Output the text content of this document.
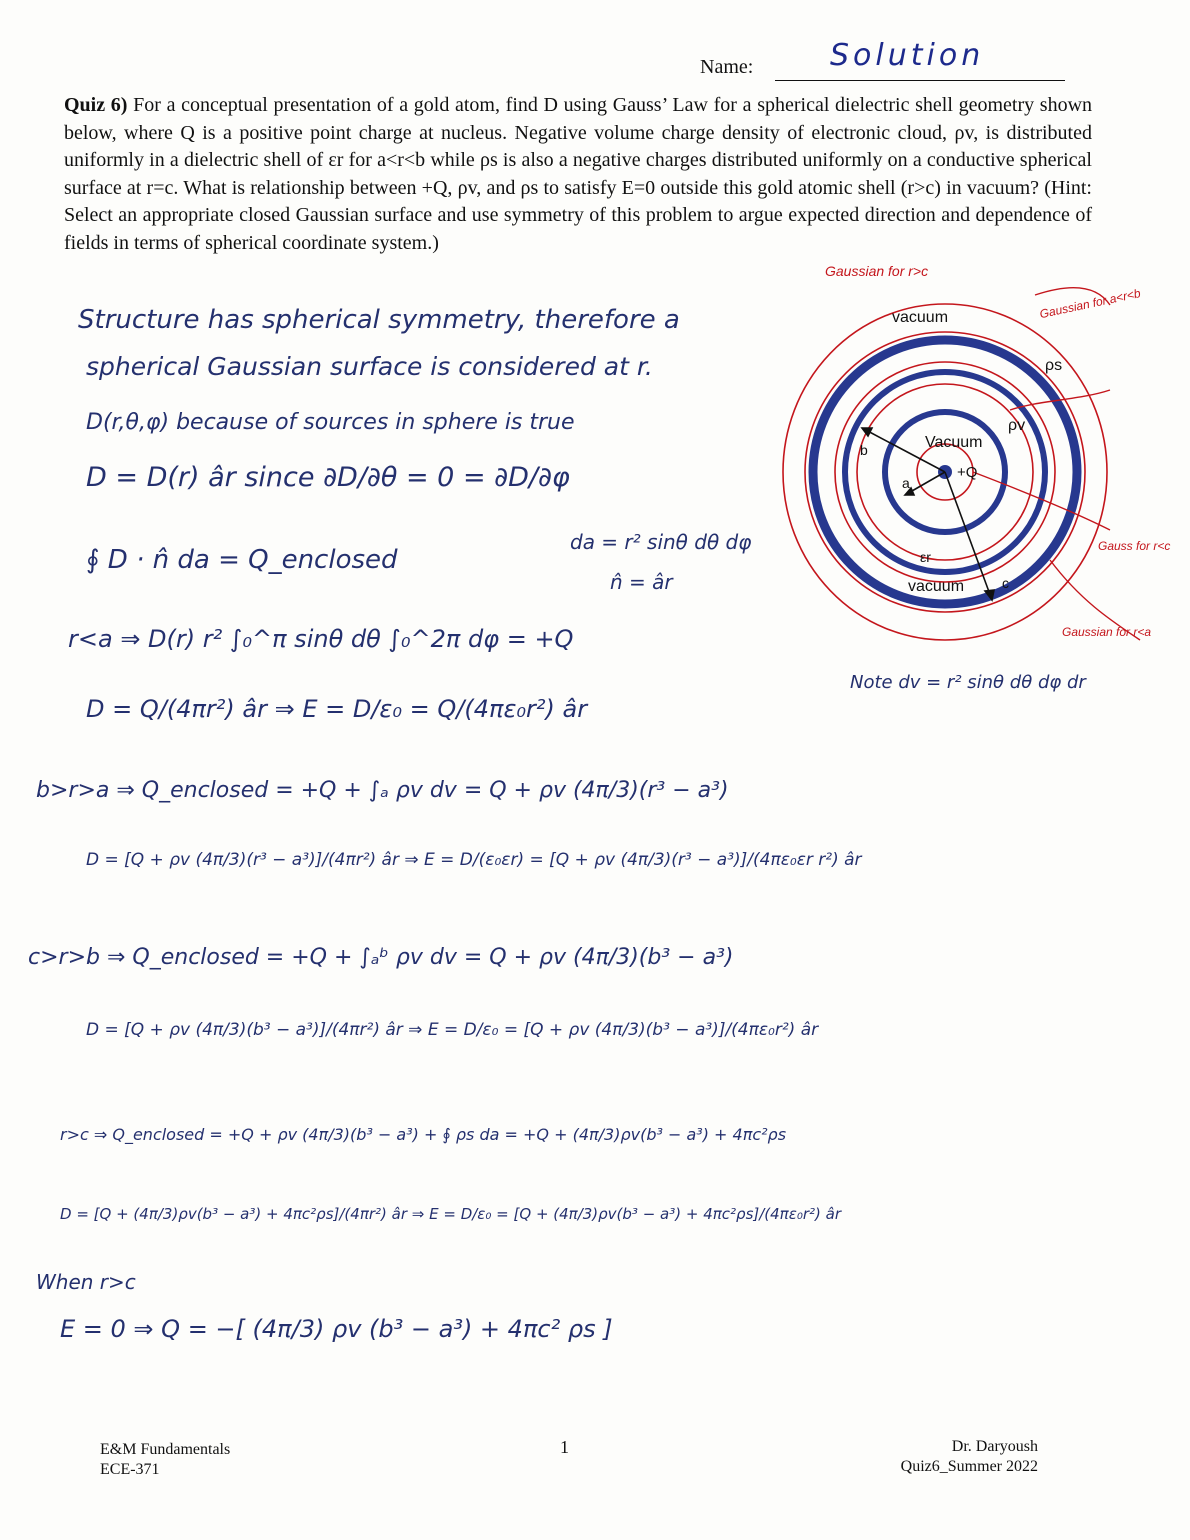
Name:	Solution
Quiz 6) For a conceptual presentation of a gold atom, find D using Gauss’ Law for a spherical dielectric shell geometry shown below, where Q is a positive point charge at nucleus. Negative volume charge density of electronic cloud, ρv, is distributed uniformly in a dielectric shell of εr for a<r<b while ρs is also a negative charges distributed uniformly on a conductive spherical surface at r=c. What is relationship between +Q, ρv, and ρs to satisfy E=0 outside this gold atomic shell (r>c) in vacuum? (Hint: Select an appropriate closed Gaussian surface and use symmetry of this problem to argue expected direction and dependence of fields in terms of spherical coordinate system.)
vacuum
ρs
ρv
Vacuum
+Q
a
b
c
εr
vacuum
Gaussian for r>c
Gaussian for a<r<b
Gauss for r<c
Gaussian for r<a
Structure has spherical symmetry, therefore a
spherical Gaussian surface is considered at r.
D(r,θ,φ) because of sources in sphere is true
D = D(r) âr since ∂D/∂θ = 0 = ∂D/∂φ
∮ D · n̂ da = Q_enclosed
da = r² sinθ dθ dφ
n̂ = âr
r<a ⇒ D(r) r² ∫₀^π sinθ dθ ∫₀^2π dφ = +Q
D = Q/(4πr²) âr ⇒ E = D/ε₀ = Q/(4πε₀r²) âr
Note dv = r² sinθ dθ dφ dr
b>r>a ⇒ Q_enclosed = +Q + ∫ₐ ρv dv = Q + ρv (4π/3)(r³ − a³)
D = [Q + ρv (4π/3)(r³ − a³)]/(4πr²) âr ⇒ E = D/(ε₀εr) = [Q + ρv (4π/3)(r³ − a³)]/(4πε₀εr r²) âr
c>r>b ⇒ Q_enclosed = +Q + ∫ₐᵇ ρv dv = Q + ρv (4π/3)(b³ − a³)
D = [Q + ρv (4π/3)(b³ − a³)]/(4πr²) âr ⇒ E = D/ε₀ = [Q + ρv (4π/3)(b³ − a³)]/(4πε₀r²) âr
r>c ⇒ Q_enclosed = +Q + ρv (4π/3)(b³ − a³) + ∮ ρs da = +Q + (4π/3)ρv(b³ − a³) + 4πc²ρs
D = [Q + (4π/3)ρv(b³ − a³) + 4πc²ρs]/(4πr²) âr ⇒ E = D/ε₀ = [Q + (4π/3)ρv(b³ − a³) + 4πc²ρs]/(4πε₀r²) âr
When r>c
E = 0 ⇒ Q = −[ (4π/3) ρv (b³ − a³) + 4πc² ρs ]
E&M Fundamentals
ECE-371
1	Dr. Daryoush
Quiz6_Summer 2022
